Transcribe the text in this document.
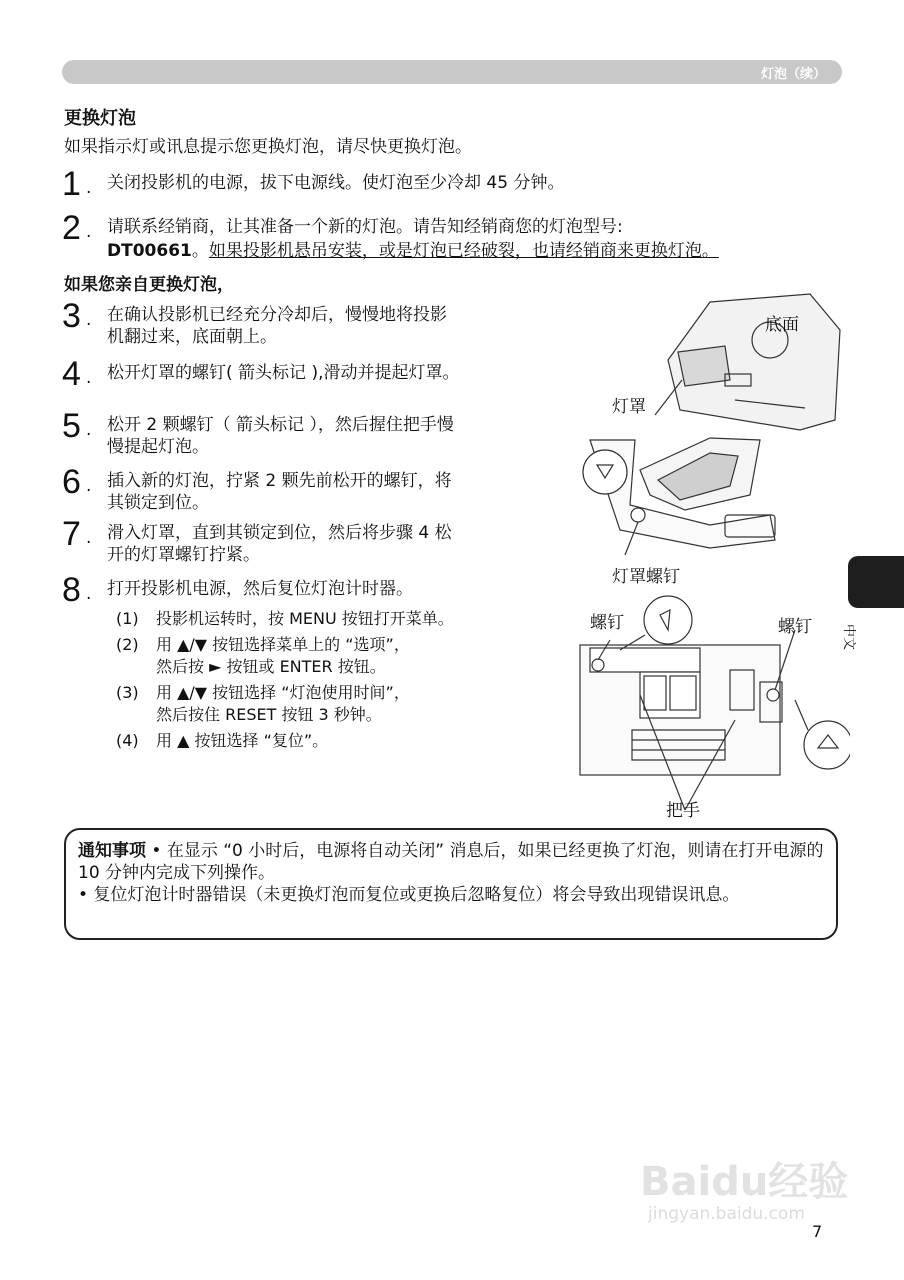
灯泡（续）
更换灯泡
如果指示灯或讯息提示您更换灯泡，请尽快更换灯泡。
1 . 关闭投影机的电源，拔下电源线。使灯泡至少冷却 45 分钟。
2 . 请联系经销商，让其准备一个新的灯泡。请告知经销商您的灯泡型号:
DT00661。如果投影机悬吊安装，或是灯泡已经破裂，也请经销商来更换灯泡。
如果您亲自更换灯泡，
3 . 在确认投影机已经充分冷却后，慢慢地将投影
机翻过来，底面朝上。
4 . 松开灯罩的螺钉( 箭头标记 ),滑动并提起灯罩。
5 . 松开 2 颗螺钉（ 箭头标记 ），然后握住把手慢
慢提起灯泡。
6 . 插入新的灯泡，拧紧 2 颗先前松开的螺钉，将
其锁定到位。
7 . 滑入灯罩，直到其锁定到位，然后将步骤 4 松
开的灯罩螺钉拧紧。
8 . 打开投影机电源，然后复位灯泡计时器。
(1) 投影机运转时，按 MENU 按钮打开菜单。
(2) 用 ▲/▼ 按钮选择菜单上的 “选项”，
然后按 ► 按钮或 ENTER 按钮。
(3) 用 ▲/▼ 按钮选择 “灯泡使用时间”，
然后按住 RESET 按钮 3 秒钟。
(4) 用 ▲ 按钮选择 “复位”。
底面
灯罩
灯罩螺钉
螺钉	螺钉
把手
通知事项 • 在显示 “0 小时后，电源将自动关闭” 消息后，如果已经更换了灯泡，则请在打开电源的 10 分钟内完成下列操作。
• 复位灯泡计时器错误（未更换灯泡而复位或更换后忽略复位）将会导致出现错误讯息。
中文
Baidu经验
jingyan.baidu.com
7
